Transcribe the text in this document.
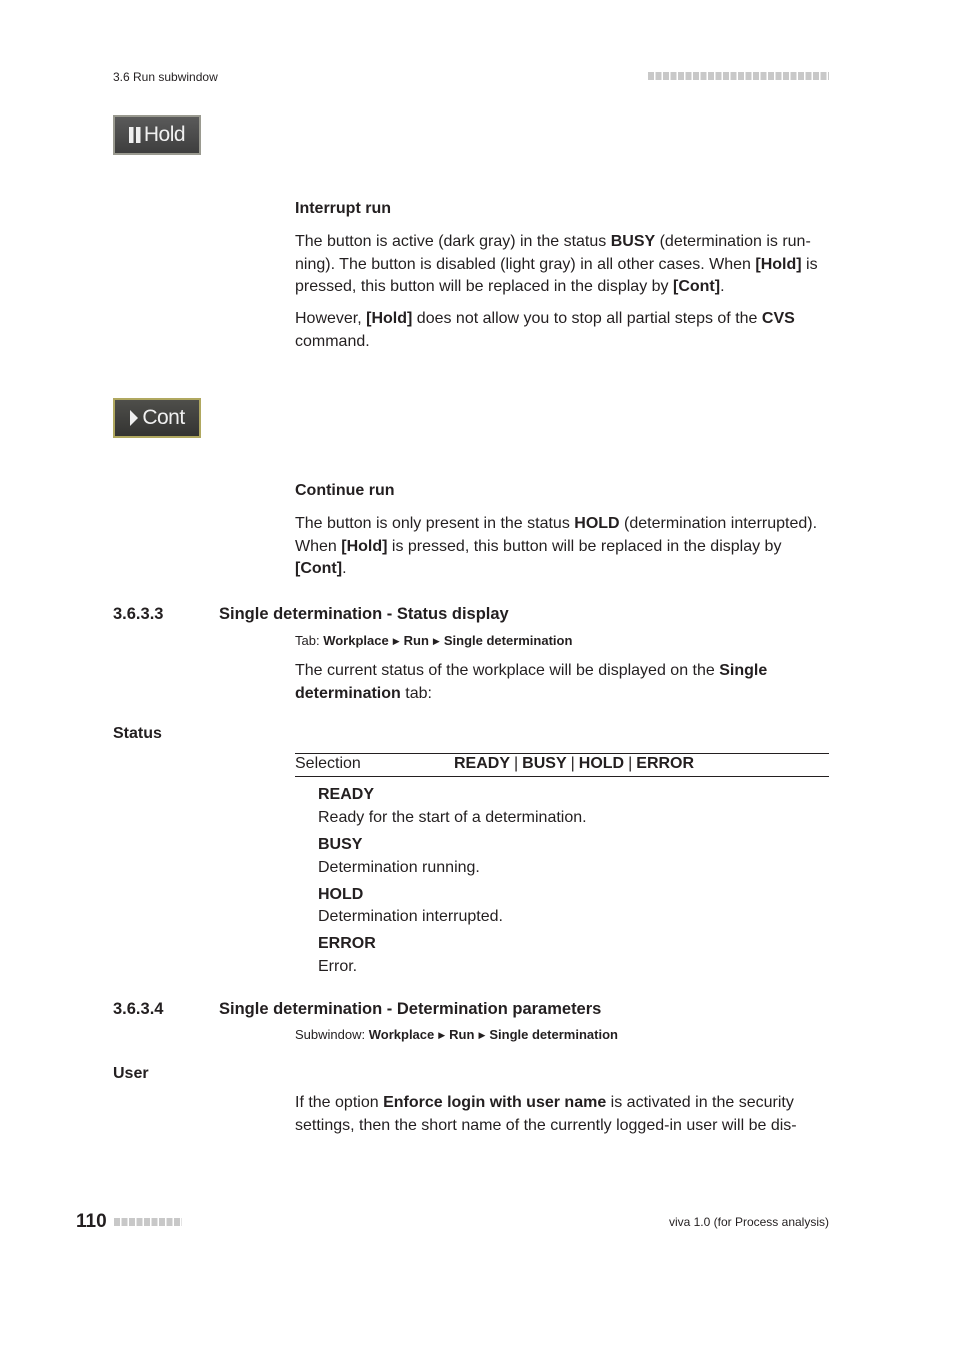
3.6 Run subwindow
Hold
Interrupt run
The button is active (dark gray) in the status BUSY (determination is run-ning). The button is disabled (light gray) in all other cases. When [Hold] is pressed, this button will be replaced in the display by [Cont].
However, [Hold] does not allow you to stop all partial steps of the CVS command.
Cont
Continue run
The button is only present in the status HOLD (determination interrupted). When [Hold] is pressed, this button will be replaced in the display by [Cont].
3.6.3.3	Single determination - Status display
Tab: Workplace ▶ Run ▶ Single determination
The current status of the workplace will be displayed on the Single determination tab:
Status
Selection	READY | BUSY | HOLD | ERROR
READY
Ready for the start of a determination.
BUSY
Determination running.
HOLD
Determination interrupted.
ERROR
Error.
3.6.3.4	Single determination - Determination parameters
Subwindow: Workplace ▶ Run ▶ Single determination
User
If the option Enforce login with user name is activated in the security settings, then the short name of the currently logged-in user will be dis-
110	viva 1.0 (for Process analysis)
